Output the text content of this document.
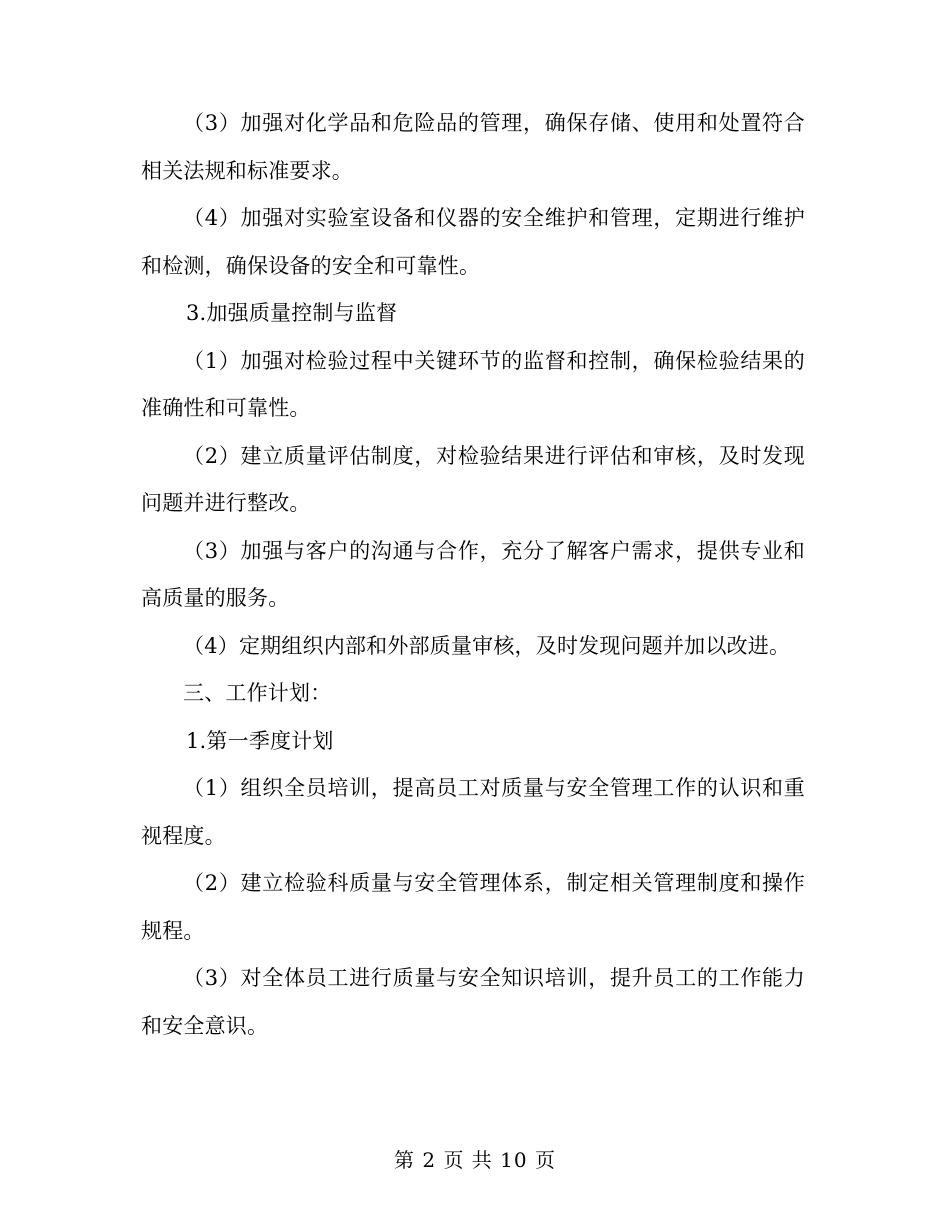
（3）加强对化学品和危险品的管理，确保存储、使用和处置符合相关法规和标准要求。

（4）加强对实验室设备和仪器的安全维护和管理，定期进行维护和检测，确保设备的安全和可靠性。

3.加强质量控制与监督

（1）加强对检验过程中关键环节的监督和控制，确保检验结果的准确性和可靠性。

（2）建立质量评估制度，对检验结果进行评估和审核，及时发现问题并进行整改。

（3）加强与客户的沟通与合作，充分了解客户需求，提供专业和高质量的服务。

（4）定期组织内部和外部质量审核，及时发现问题并加以改进。

三、工作计划：

1.第一季度计划

（1）组织全员培训，提高员工对质量与安全管理工作的认识和重视程度。

（2）建立检验科质量与安全管理体系，制定相关管理制度和操作规程。

（3）对全体员工进行质量与安全知识培训，提升员工的工作能力和安全意识。

第 2 页 共 10 页
